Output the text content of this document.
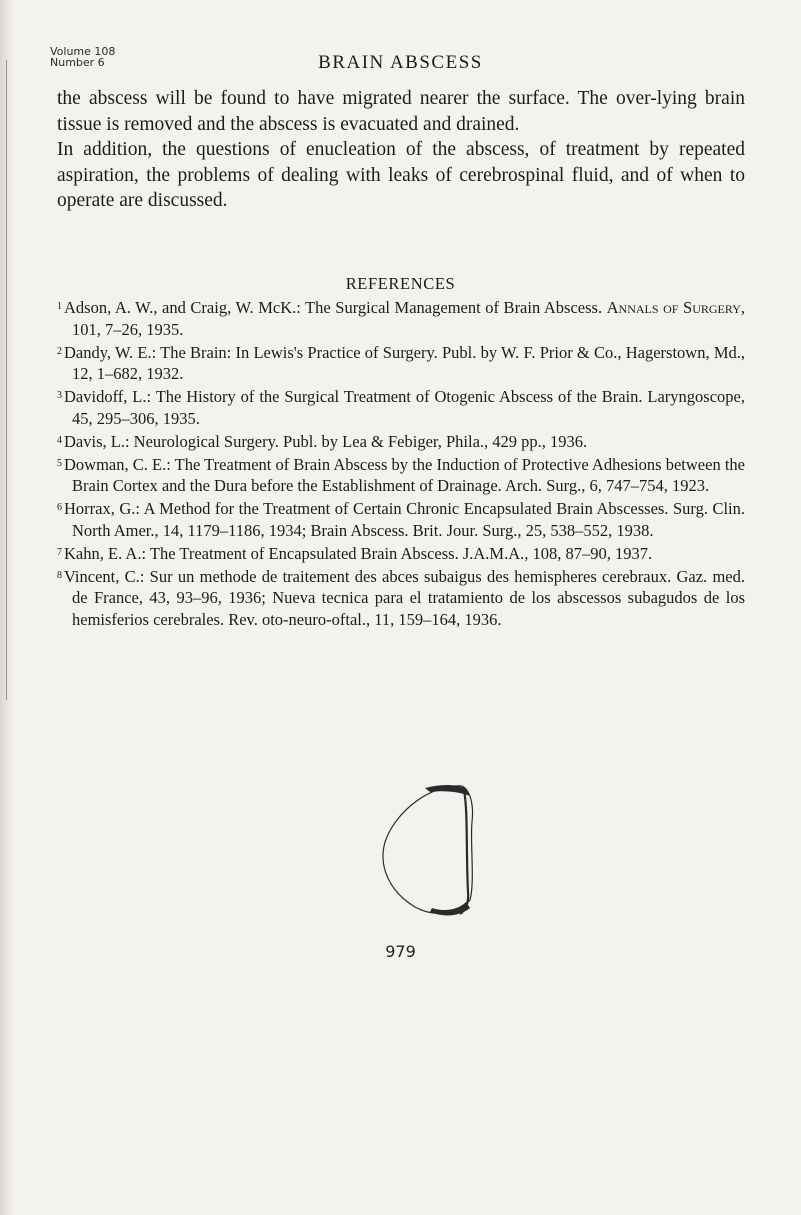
Volume 108
Number 6	BRAIN ABSCESS

the abscess will be found to have migrated nearer the surface. The over-lying brain tissue is removed and the abscess is evacuated and drained.

In addition, the questions of enucleation of the abscess, of treatment by repeated aspiration, the problems of dealing with leaks of cerebrospinal fluid, and of when to operate are discussed.

REFERENCES
$^1$ Adson, A. W., and Craig, W. McK.: The Surgical Management of Brain Abscess. Annals of Surgery, 101, 7–26, 1935.
$^2$ Dandy, W. E.: The Brain: In Lewis's Practice of Surgery. Publ. by W. F. Prior & Co., Hagerstown, Md., 12, 1–682, 1932.
$^3$ Davidoff, L.: The History of the Surgical Treatment of Otogenic Abscess of the Brain. Laryngoscope, 45, 295–306, 1935.
$^4$ Davis, L.: Neurological Surgery. Publ. by Lea & Febiger, Phila., 429 pp., 1936.
$^5$ Dowman, C. E.: The Treatment of Brain Abscess by the Induction of Protective Adhesions between the Brain Cortex and the Dura before the Establishment of Drainage. Arch. Surg., 6, 747–754, 1923.
$^6$ Horrax, G.: A Method for the Treatment of Certain Chronic Encapsulated Brain Abscesses. Surg. Clin. North Amer., 14, 1179–1186, 1934; Brain Abscess. Brit. Jour. Surg., 25, 538–552, 1938.
$^7$ Kahn, E. A.: The Treatment of Encapsulated Brain Abscess. J.A.M.A., 108, 87–90, 1937.
$^8$ Vincent, C.: Sur un methode de traitement des abces subaigus des hemispheres cerebraux. Gaz. med. de France, 43, 93–96, 1936; Nueva tecnica para el tratamiento de los abscessos subagudos de los hemisferios cerebrales. Rev. oto-neuro-oftal., 11, 159–164, 1936.
979
